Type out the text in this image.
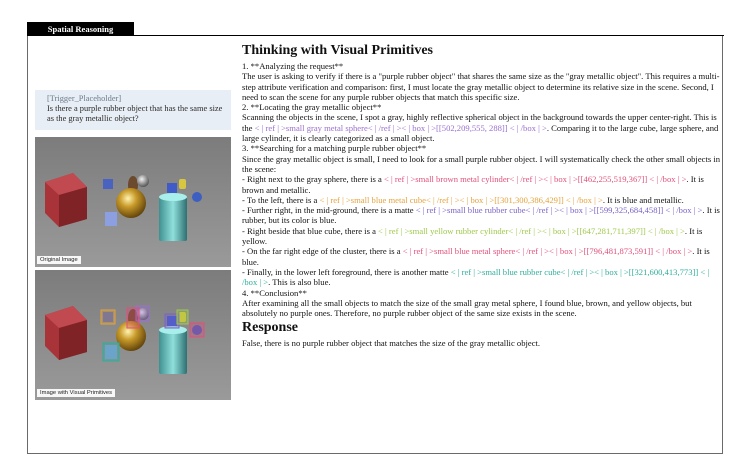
Spatial Reasoning
[Trigger_Placeholder]
Is there a purple rubber object that has the same size as the gray metallic object?
Original Image
Image with Visual Primitives
Thinking with Visual Primitives

1. **Analyzing the request**

The user is asking to verify if there is a "purple rubber object" that shares the same size as the "gray metallic object". This requires a multi-step attribute verification and comparison: first, I must locate the gray metallic object to determine its relative size in the scene. Second, I need to scan the scene for any purple rubber objects that match this specific size.

2. **Locating the gray metallic object**

Scanning the objects in the scene, I spot a gray, highly reflective spherical object in the background towards the upper center-right. This is the < | ref | >small gray metal sphere< | /ref | >< | box | >[[502,209,555, 288]] < | /box | >. Comparing it to the large cube, large sphere, and large cylinder, it is clearly categorized as a small object.

3. **Searching for a matching purple rubber object**

Since the gray metallic object is small, I need to look for a small purple rubber object. I will systematically check the other small objects in the scene:

- Right next to the gray sphere, there is a < | ref | >small brown metal cylinder< | /ref | >< | box | >[[462,255,519,367]] < | /box | >. It is brown and metallic.

- To the left, there is a < | ref | >small blue metal cube< | /ref | >< | box | >[[301,300,386,429]] < | /box | >. It is blue and metallic.

- Further right, in the mid-ground, there is a matte < | ref | >small blue rubber cube< | /ref | >< | box | >[[599,325,684,458]] < | /box | >. It is rubber, but its color is blue.

- Right beside that blue cube, there is a < | ref | >small yellow rubber cylinder< | /ref | >< | box | >[[647,281,711,397]] < | /box | >. It is yellow.

- On the far right edge of the cluster, there is a < | ref | >small blue metal sphere< | /ref | >< | box | >[[796,481,873,591]] < | /box | >. It is blue.

- Finally, in the lower left foreground, there is another matte < | ref | >small blue rubber cube< | /ref | >< | box | >[[321,600,413,773]] < | /box | >. This is also blue.

4. **Conclusion**

After examining all the small objects to match the size of the small gray metal sphere, I found blue, brown, and yellow objects, but absolutely no purple ones. Therefore, no purple rubber object of the same size exists in the scene.

Response

False, there is no purple rubber object that matches the size of the gray metallic object.
